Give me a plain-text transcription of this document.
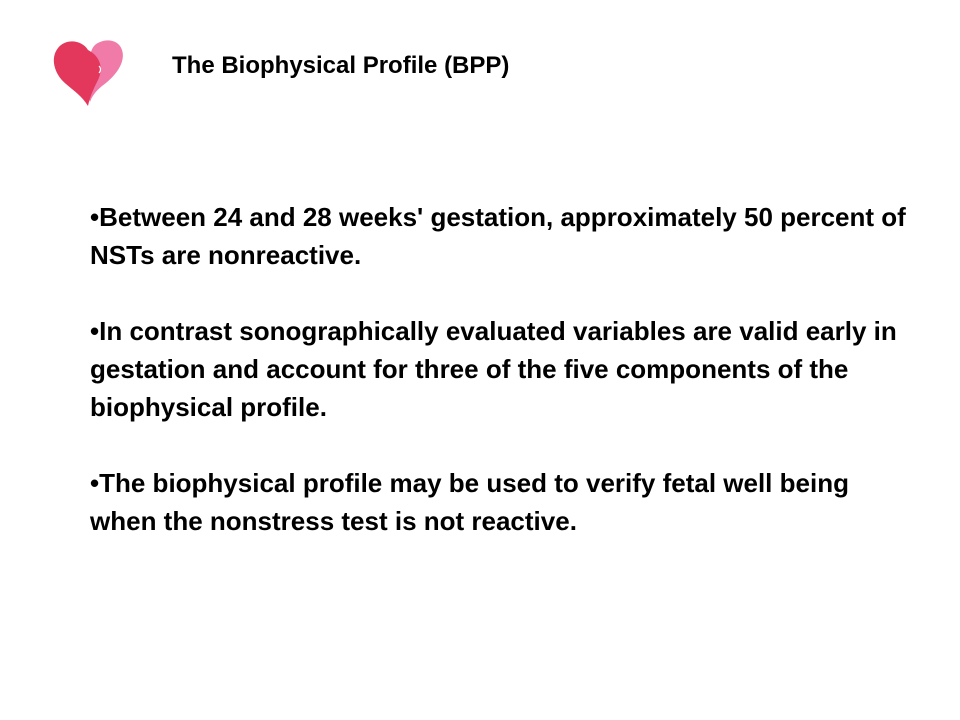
The Biophysical Profile (BPP)

•Between 24 and 28 weeks' gestation, approximately 50 percent of NSTs are nonreactive.

•In contrast sonographically evaluated variables are valid early in gestation and account for three of the five components of the biophysical profile.

•The biophysical profile may be used to verify fetal well being when the nonstress test is not reactive.
